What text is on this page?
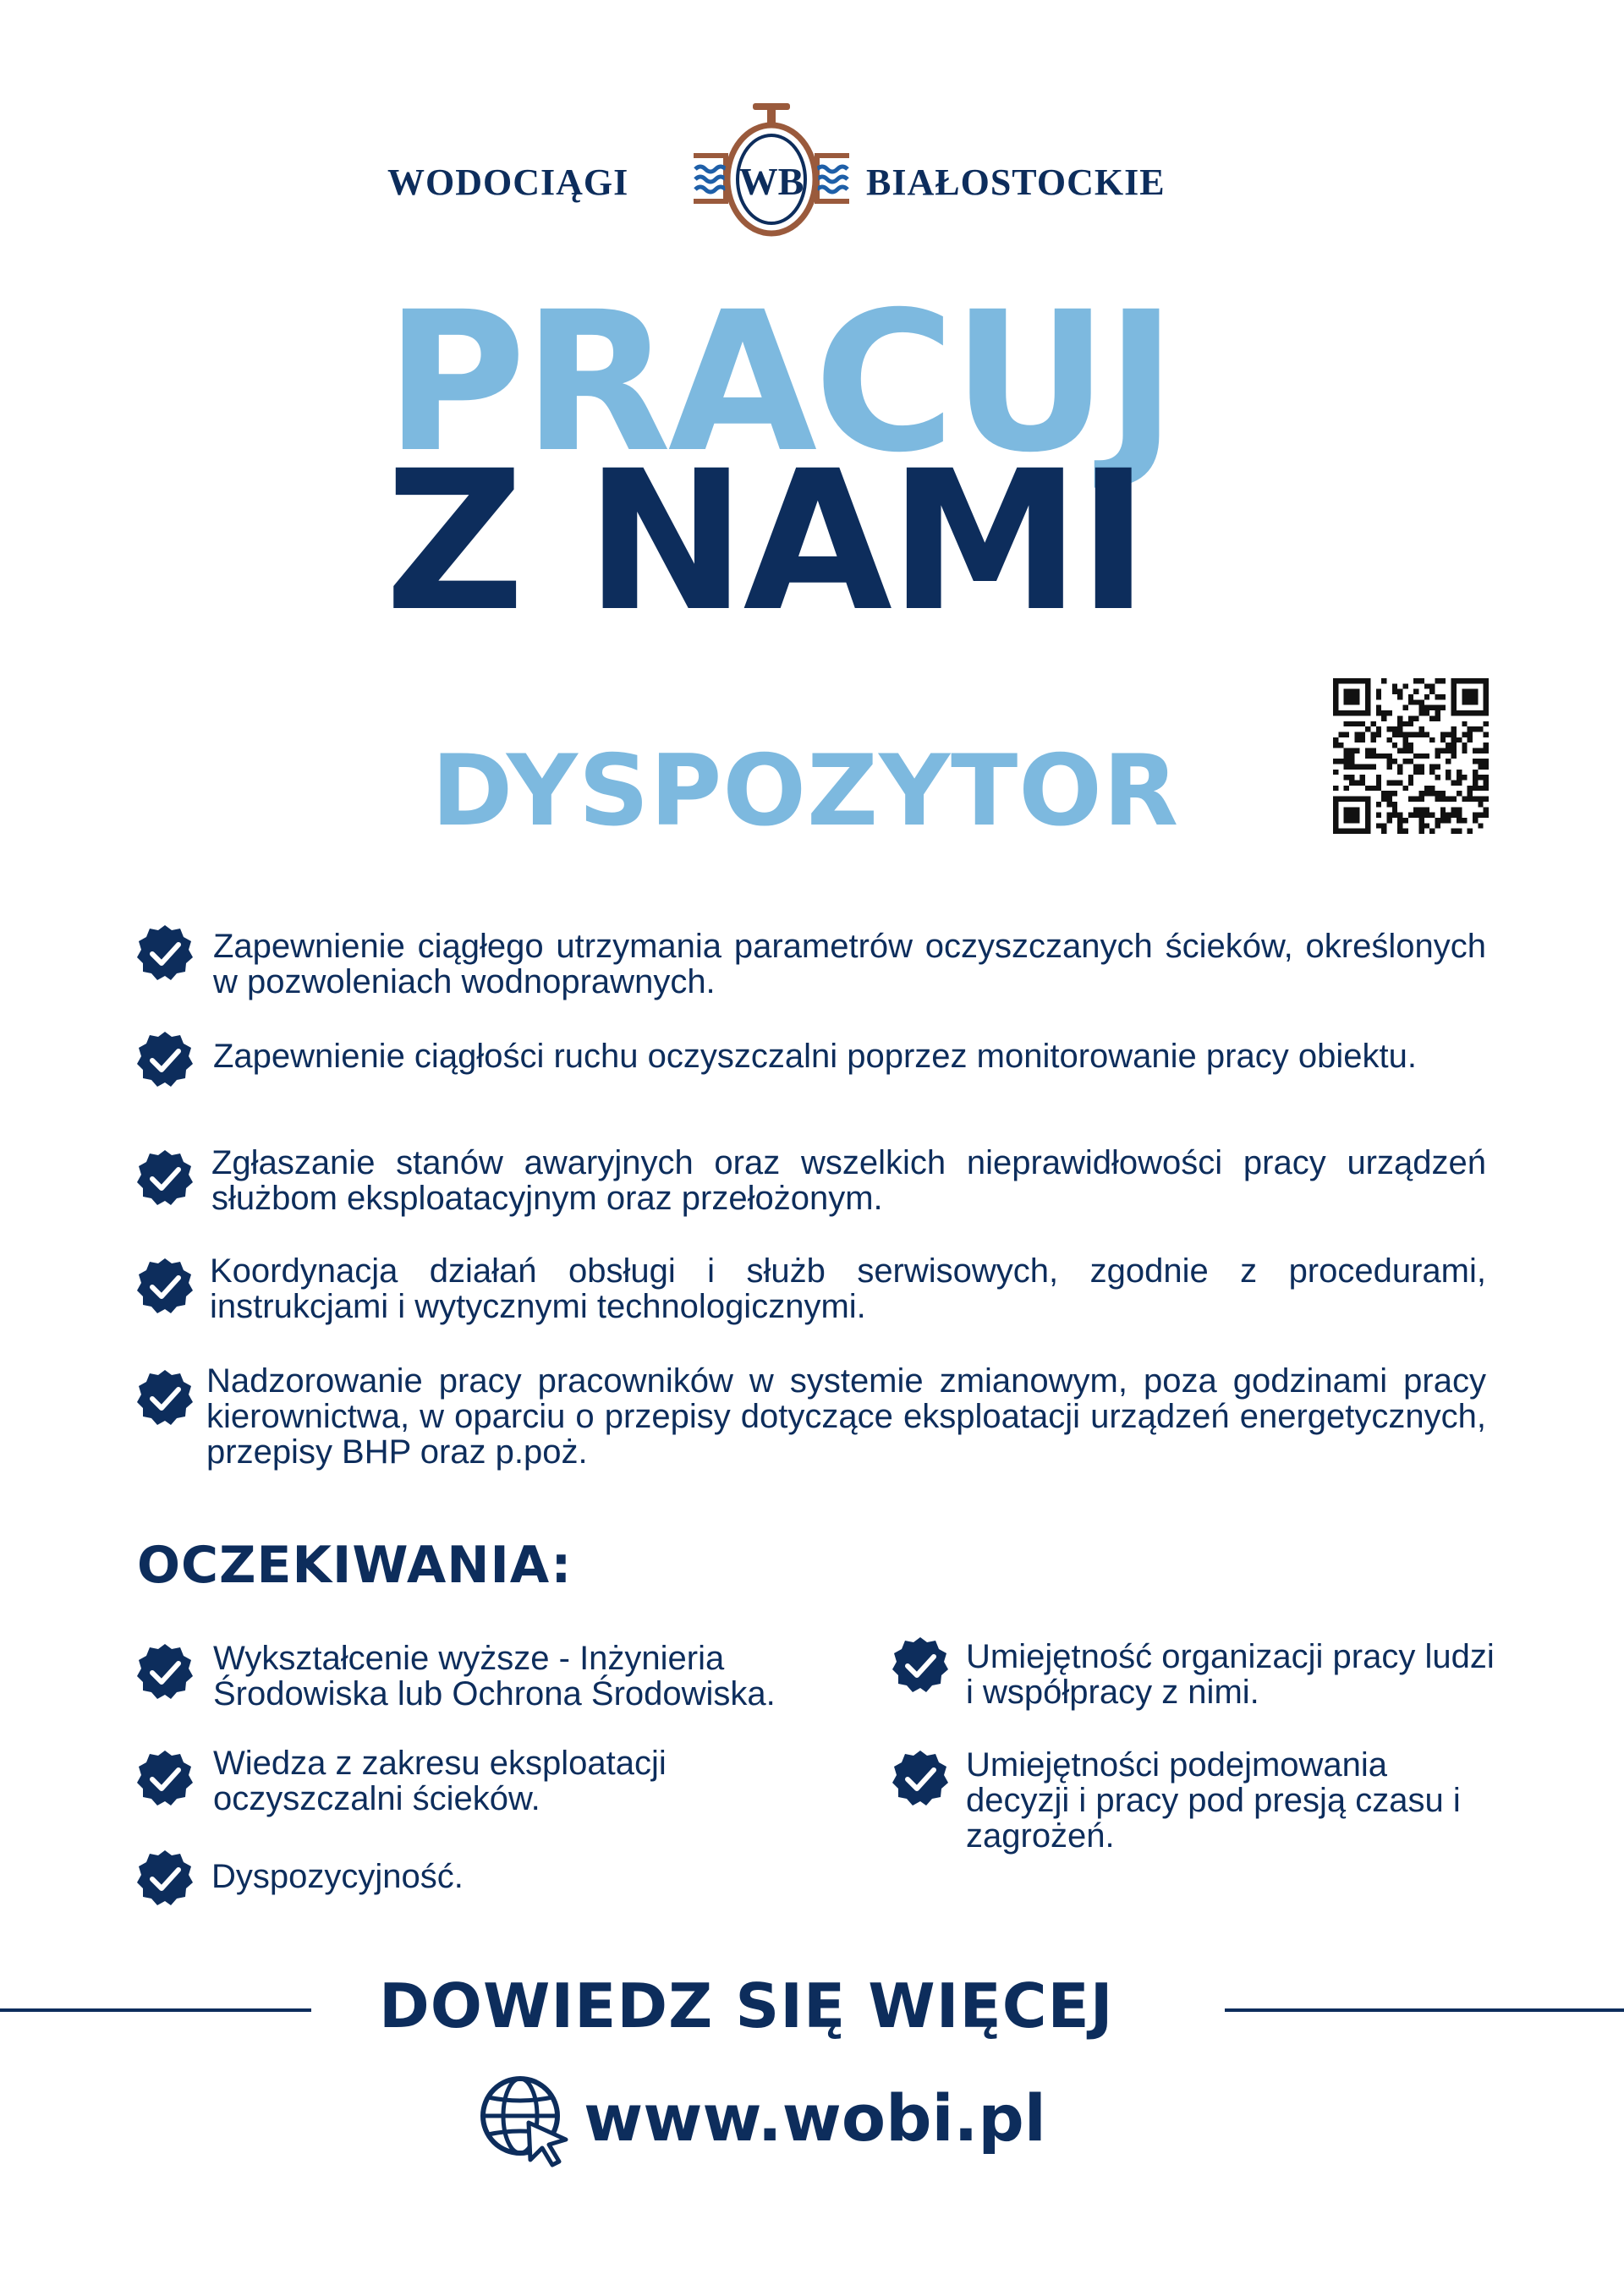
WODOCIĄGI	WB BIAŁOSTOCKIE
PRACUJ
Z NAMI
DYSPOZYTOR
Zapewnienie ciągłego utrzymania parametrów oczyszczanych ścieków, określonych w pozwoleniach wodnoprawnych.
Zapewnienie ciągłości ruchu oczyszczalni poprzez monitorowanie pracy obiektu.
Zgłaszanie stanów awaryjnych oraz wszelkich nieprawidłowości pracy urządzeń służbom eksploatacyjnym oraz przełożonym.
Koordynacja działań obsługi i służb serwisowych, zgodnie z procedurami, instrukcjami i wytycznymi technologicznymi.
Nadzorowanie pracy pracowników w systemie zmianowym, poza godzinami pracy kierownictwa, w oparciu o przepisy dotyczące eksploatacji urządzeń energetycznych, przepisy BHP oraz p.poż.
OCZEKIWANIA:
Wykształcenie wyższe - Inżynieria Środowiska lub Ochrona Środowiska.
Wiedza z zakresu eksploatacji oczyszczalni ścieków.
Dyspozycyjność.
Umiejętność organizacji pracy ludzi i współpracy z nimi.
Umiejętności podejmowania decyzji i pracy pod presją czasu i zagrożeń.
DOWIEDZ SIĘ WIĘCEJ
www.wobi.pl
